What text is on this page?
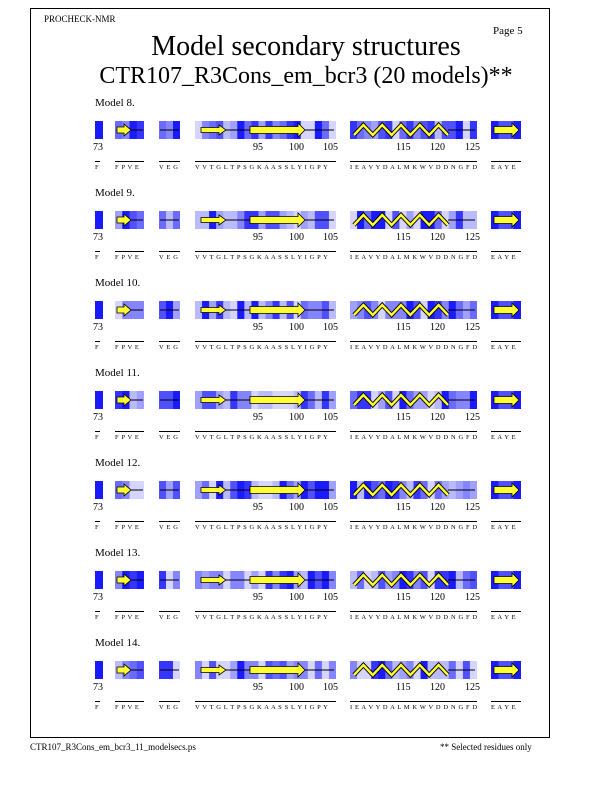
PROCHECK-NMR
Page 5
Model secondary structures
CTR107_R3Cons_em_bcr3 (20 models)**
Model 8.
F F P V E	V E G	V V T G L T P S G K A A S S L Y I G P Y	I E A V Y D A L M K W V D D N G F D E A Y E
73	95	100 105	115 120 125
Model 9.
F F P V E	V E G	V V T G L T P S G K A A S S L Y I G P Y	I E A V Y D A L M K W V D D N G F D E A Y E
73	95	100 105	115 120 125
Model 10.
F F P V E	V E G	V V T G L T P S G K A A S S L Y I G P Y	I E A V Y D A L M K W V D D N G F D E A Y E
73	95	100 105	115 120 125
Model 11.
F F P V E	V E G	V V T G L T P S G K A A S S L Y I G P Y	I E A V Y D A L M K W V D D N G F D E A Y E
73	95	100 105	115 120 125
Model 12.
F F P V E	V E G	V V T G L T P S G K A A S S L Y I G P Y	I E A V Y D A L M K W V D D N G F D E A Y E
73	95	100 105	115 120 125
Model 13.
F F P V E	V E G	V V T G L T P S G K A A S S L Y I G P Y	I E A V Y D A L M K W V D D N G F D E A Y E
73	95	100 105	115 120 125
Model 14.
F F P V E	V E G	V V T G L T P S G K A A S S L Y I G P Y	I E A V Y D A L M K W V D D N G F D E A Y E
73	95	100 105	115 120 125
CTR107_R3Cons_em_bcr3_11_modelsecs.ps	** Selected residues only
